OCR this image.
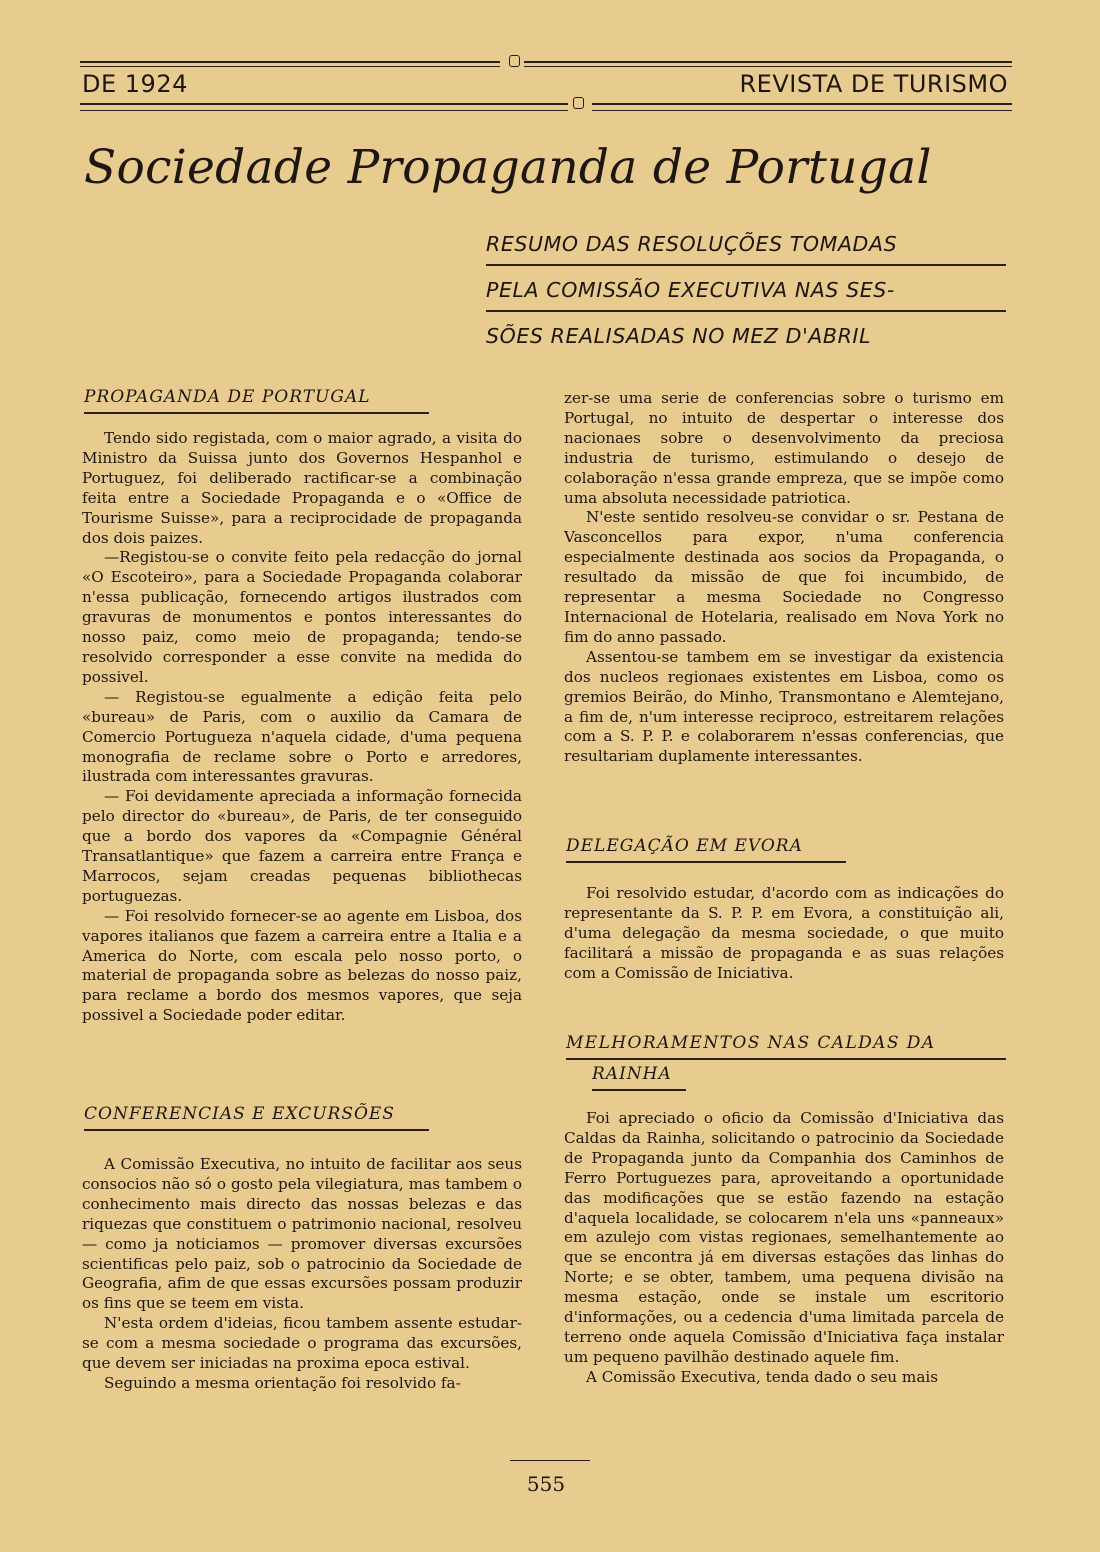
DE 1924	REVISTA DE TURISMO
Sociedade Propaganda de Portugal
RESUMO DAS RESOLUÇÕES TOMADAS
PELA COMISSÃO EXECUTIVA NAS SES-
SÕES REALISADAS NO MEZ D'ABRIL
PROPAGANDA DE PORTUGAL

Tendo sido registada, com o maior agrado, a visita do Ministro da Suissa junto dos Governos Hespanhol e Portuguez, foi deliberado ractificar-se a combinação feita entre a Sociedade Propaganda e o «Office de Tourisme Suisse», para a reciprocidade de propaganda dos dois paizes.

—Registou-se o convite feito pela redacção do jornal «O Escoteiro», para a Sociedade Propaganda colaborar n'essa publicação, fornecendo artigos ilustrados com gravuras de monumentos e pontos interessantes do nosso paiz, como meio de propaganda; tendo-se resolvido corresponder a esse convite na medida do possivel.

— Registou-se egualmente a edição feita pelo «bureau» de Paris, com o auxilio da Camara de Comercio Portugueza n'aquela cidade, d'uma pequena monografia de reclame sobre o Porto e arredores, ilustrada com interessantes gravuras.

— Foi devidamente apreciada a informação fornecida pelo director do «bureau», de Paris, de ter conseguido que a bordo dos vapores da «Compagnie Général Transatlantique» que fazem a carreira entre França e Marrocos, sejam creadas pequenas bibliothecas portuguezas.

— Foi resolvido fornecer-se ao agente em Lisboa, dos vapores italianos que fazem a carreira entre a Italia e a America do Norte, com escala pelo nosso porto, o material de propaganda sobre as belezas do nosso paiz, para reclame a bordo dos mesmos vapores, que seja possivel a Sociedade poder editar.

CONFERENCIAS E EXCURSÕES

A Comissão Executiva, no intuito de facilitar aos seus consocios não só o gosto pela vilegiatura, mas tambem o conhecimento mais directo das nossas belezas e das riquezas que constituem o patrimonio nacional, resolveu — como ja noticiamos — promover diversas excursões scientificas pelo paiz, sob o patrocinio da Sociedade de Geografia, afim de que essas excursões possam produzir os fins que se teem em vista.

N'esta ordem d'ideias, ficou tambem assente estudar-se com a mesma sociedade o programa das excursões, que devem ser iniciadas na proxima epoca estival.

Seguindo a mesma orientação foi resolvido fa-

zer-se uma serie de conferencias sobre o turismo em Portugal, no intuito de despertar o interesse dos nacionaes sobre o desenvolvimento da preciosa industria de turismo, estimulando o desejo de colaboração n'essa grande empreza, que se impõe como uma absoluta necessidade patriotica.

N'este sentido resolveu-se convidar o sr. Pestana de Vasconcellos para expor, n'uma conferencia especialmente destinada aos socios da Propaganda, o resultado da missão de que foi incumbido, de representar a mesma Sociedade no Congresso Internacional de Hotelaria, realisado em Nova York no fim do anno passado.

Assentou-se tambem em se investigar da existencia dos nucleos regionaes existentes em Lisboa, como os gremios Beirão, do Minho, Transmontano e Alemtejano, a fim de, n'um interesse reciproco, estreitarem relações com a S. P. P. e colaborarem n'essas conferencias, que resultariam duplamente interessantes.

DELEGAÇÃO EM EVORA

Foi resolvido estudar, d'acordo com as indicações do representante da S. P. P. em Evora, a constituição ali, d'uma delegação da mesma sociedade, o que muito facilitará a missão de propaganda e as suas relações com a Comissão de Iniciativa.

MELHORAMENTOS NAS CALDAS DA
RAINHA

Foi apreciado o oficio da Comissão d'Iniciativa das Caldas da Rainha, solicitando o patrocinio da Sociedade de Propaganda junto da Companhia dos Caminhos de Ferro Portuguezes para, aproveitando a oportunidade das modificações que se estão fazendo na estação d'aquela localidade, se colocarem n'ela uns «panneaux» em azulejo com vistas regionaes, semelhantemente ao que se encontra já em diversas estações das linhas do Norte; e se obter, tambem, uma pequena divisão na mesma estação, onde se instale um escritorio d'informações, ou a cedencia d'uma limitada parcela de terreno onde aquela Comissão d'Iniciativa faça instalar um pequeno pavilhão destinado aquele fim.

A Comissão Executiva, tenda dado o seu mais

555
